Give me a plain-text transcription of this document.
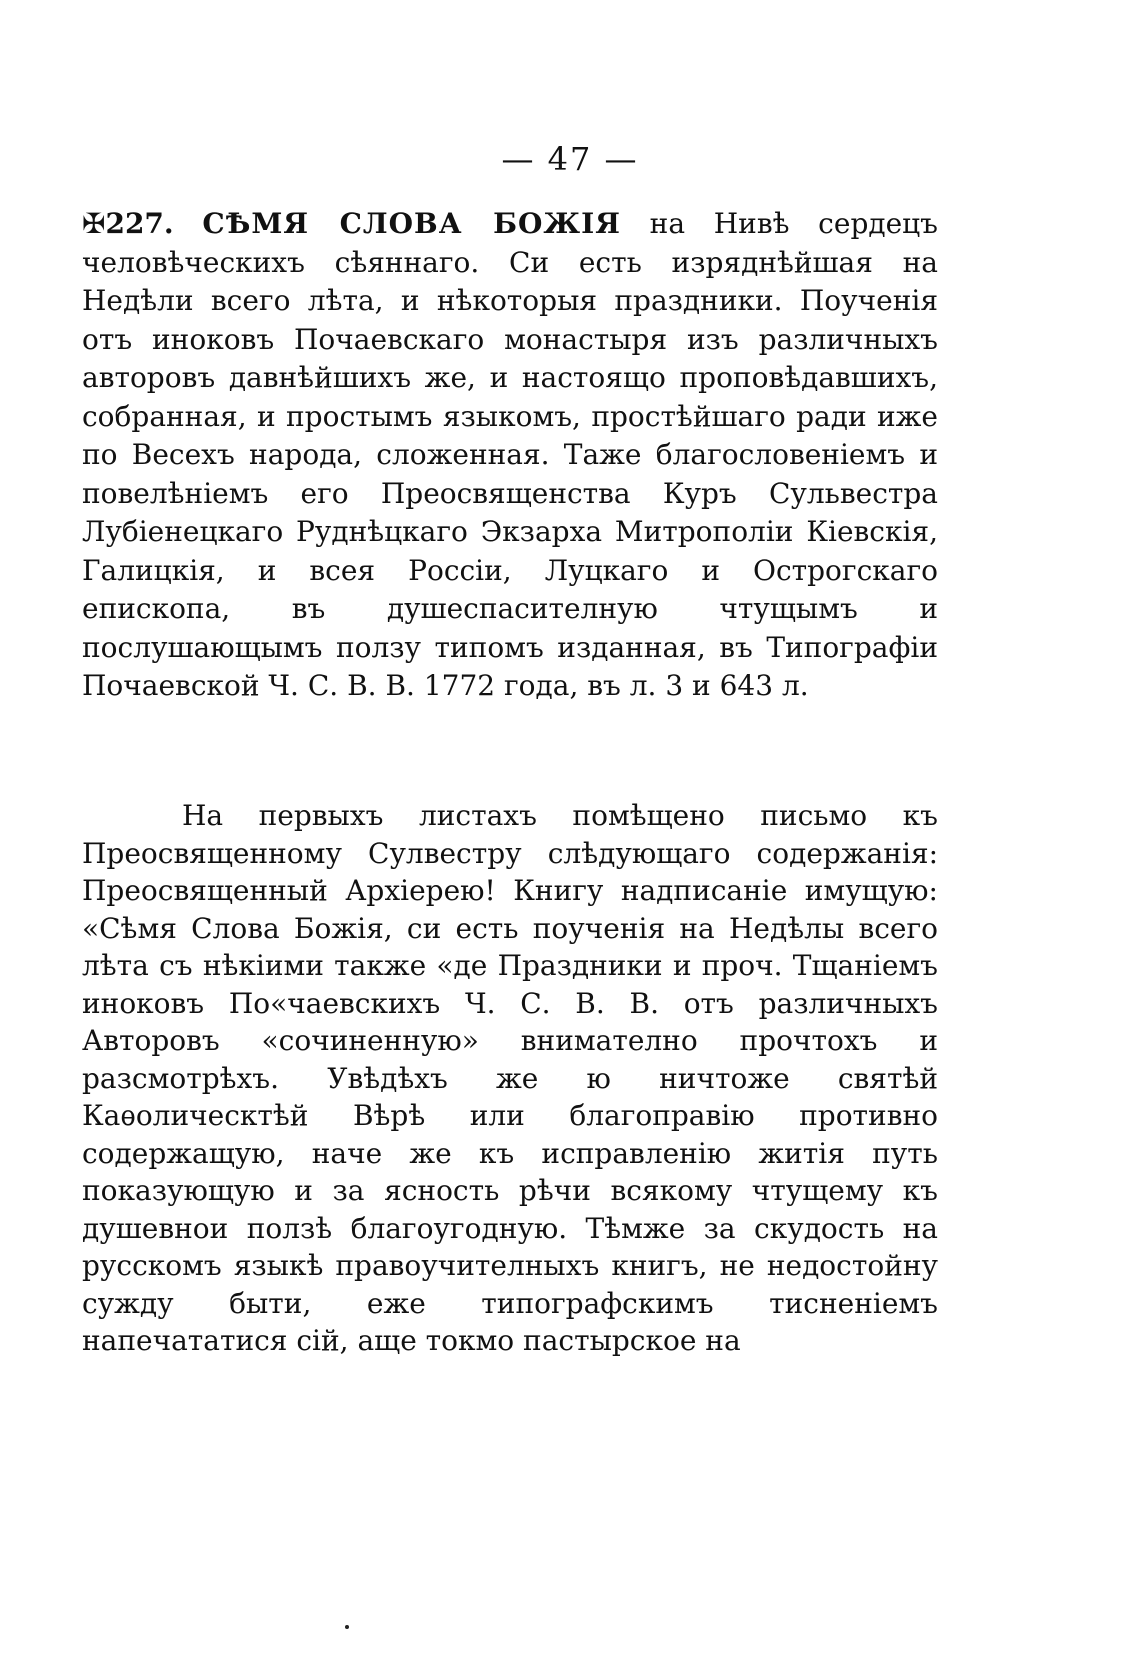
— 47 —
✠227. СѢМЯ СЛОВА БОЖІЯ на Нивѣ сердецъ человѣческихъ сѣяннаго. Си есть изряднѣйшая на Недѣли всего лѣта, и нѣкоторыя праздники. Поученія отъ иноковъ Почаевскаго монастыря изъ различныхъ авторовъ давнѣйшихъ же, и настоящо проповѣдавшихъ, собранная, и простымъ языкомъ, простѣйшаго ради иже по Весехъ народа, сложенная. Таже благословеніемъ и повелѣніемъ его Преосвященства Куръ Сульвестра Лубіенецкаго Руднѣцкаго Экзарха Митрополіи Кіевскія, Галицкія, и всея Россіи, Луцкаго и Острогскаго епископа, въ душеспасителную чтущымъ и послушающымъ ползу типомъ изданная, въ Типографіи Почаевской Ч. С. В. В. 1772 года, въ л. 3 и 643 л.
На первыхъ листахъ помѣщено письмо къ Преосвященному Сулвестру слѣдующаго содержанія: Преосвященный Архіерею! Книгу надписаніе имущую: «Сѣмя Слова Божія, си есть поученія на Недѣлы всего лѣта съ нѣкіими также «де Праздники и проч. Тщаніемъ иноковъ По«чаевскихъ Ч. С. В. В. отъ различныхъ Авторовъ «сочиненную» внимателно прочтохъ и разсмотрѣхъ. Увѣдѣхъ же ю ничтоже святѣй Каѳолическтѣй Вѣрѣ или благоправію противно содержащую, наче же къ исправленію житія путь показующую и за ясность рѣчи всякому чтущему къ душевнои ползѣ благоугодную. Тѣмже за скудость на русскомъ языкѣ правоучителныхъ книгъ, не недостойну сужду быти, еже типографскимъ тисненіемъ напечататися сій, аще токмо пастырское на
